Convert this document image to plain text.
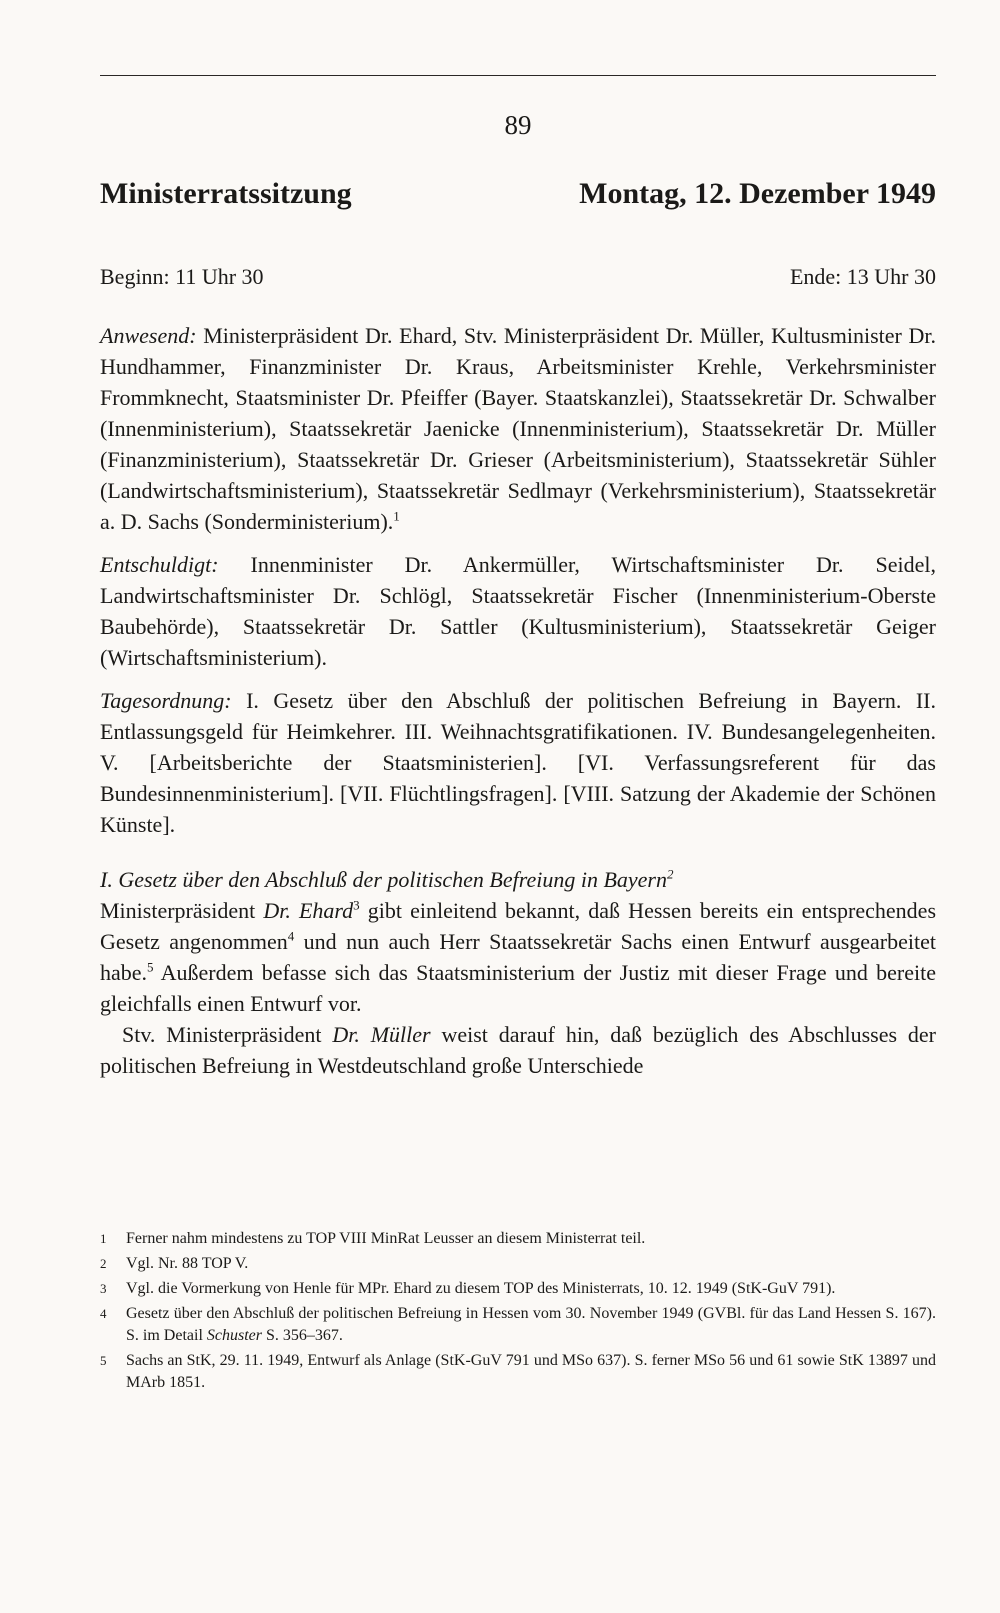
89
Ministerratssitzung	Montag, 12. Dezember 1949
Beginn: 11 Uhr 30	Ende: 13 Uhr 30

Anwesend: Ministerpräsident Dr. Ehard, Stv. Ministerpräsident Dr. Müller, Kultusminister Dr. Hundhammer, Finanzminister Dr. Kraus, Arbeitsminister Krehle, Verkehrsminister Frommknecht, Staatsminister Dr. Pfeiffer (Bayer. Staatskanzlei), Staatssekretär Dr. Schwalber (Innenministerium), Staatssekretär Jaenicke (Innenministerium), Staatssekretär Dr. Müller (Finanzministerium), Staatssekretär Dr. Grieser (Arbeitsministerium), Staatssekretär Sühler (Landwirtschaftsministerium), Staatssekretär Sedlmayr (Verkehrsministerium), Staatssekretär a. D. Sachs (Sonderministerium).$^1$

Entschuldigt: Innenminister Dr. Ankermüller, Wirtschaftsminister Dr. Seidel, Landwirtschaftsminister Dr. Schlögl, Staatssekretär Fischer (Innenministerium-Oberste Baubehörde), Staatssekretär Dr. Sattler (Kultusministerium), Staatssekretär Geiger (Wirtschaftsministerium).

Tagesordnung: I. Gesetz über den Abschluß der politischen Befreiung in Bayern. II. Entlassungsgeld für Heimkehrer. III. Weihnachtsgratifikationen. IV. Bundesangelegenheiten. V. [Arbeitsberichte der Staatsministerien]. [VI. Verfassungsreferent für das Bundesinnenministerium]. [VII. Flüchtlingsfragen]. [VIII. Satzung der Akademie der Schönen Künste].

I. Gesetz über den Abschluß der politischen Befreiung in Bayern$^2$

Ministerpräsident Dr. Ehard$^3$ gibt einleitend bekannt, daß Hessen bereits ein entsprechendes Gesetz angenommen$^4$ und nun auch Herr Staatssekretär Sachs einen Entwurf ausgearbeitet habe.$^5$ Außerdem befasse sich das Staatsministerium der Justiz mit dieser Frage und bereite gleichfalls einen Entwurf vor.

Stv. Ministerpräsident Dr. Müller weist darauf hin, daß bezüglich des Abschlusses der politischen Befreiung in Westdeutschland große Unterschiede

1	Ferner nahm mindestens zu TOP VIII MinRat Leusser an diesem Ministerrat teil.
2	Vgl. Nr. 88 TOP V.
3	Vgl. die Vormerkung von Henle für MPr. Ehard zu diesem TOP des Ministerrats, 10. 12. 1949 (StK-GuV 791).
4	Gesetz über den Abschluß der politischen Befreiung in Hessen vom 30. November 1949 (GVBl. für das Land Hessen S. 167). S. im Detail Schuster S. 356–367.
5	Sachs an StK, 29. 11. 1949, Entwurf als Anlage (StK-GuV 791 und MSo 637). S. ferner MSo 56 und 61 sowie StK 13897 und MArb 1851.
